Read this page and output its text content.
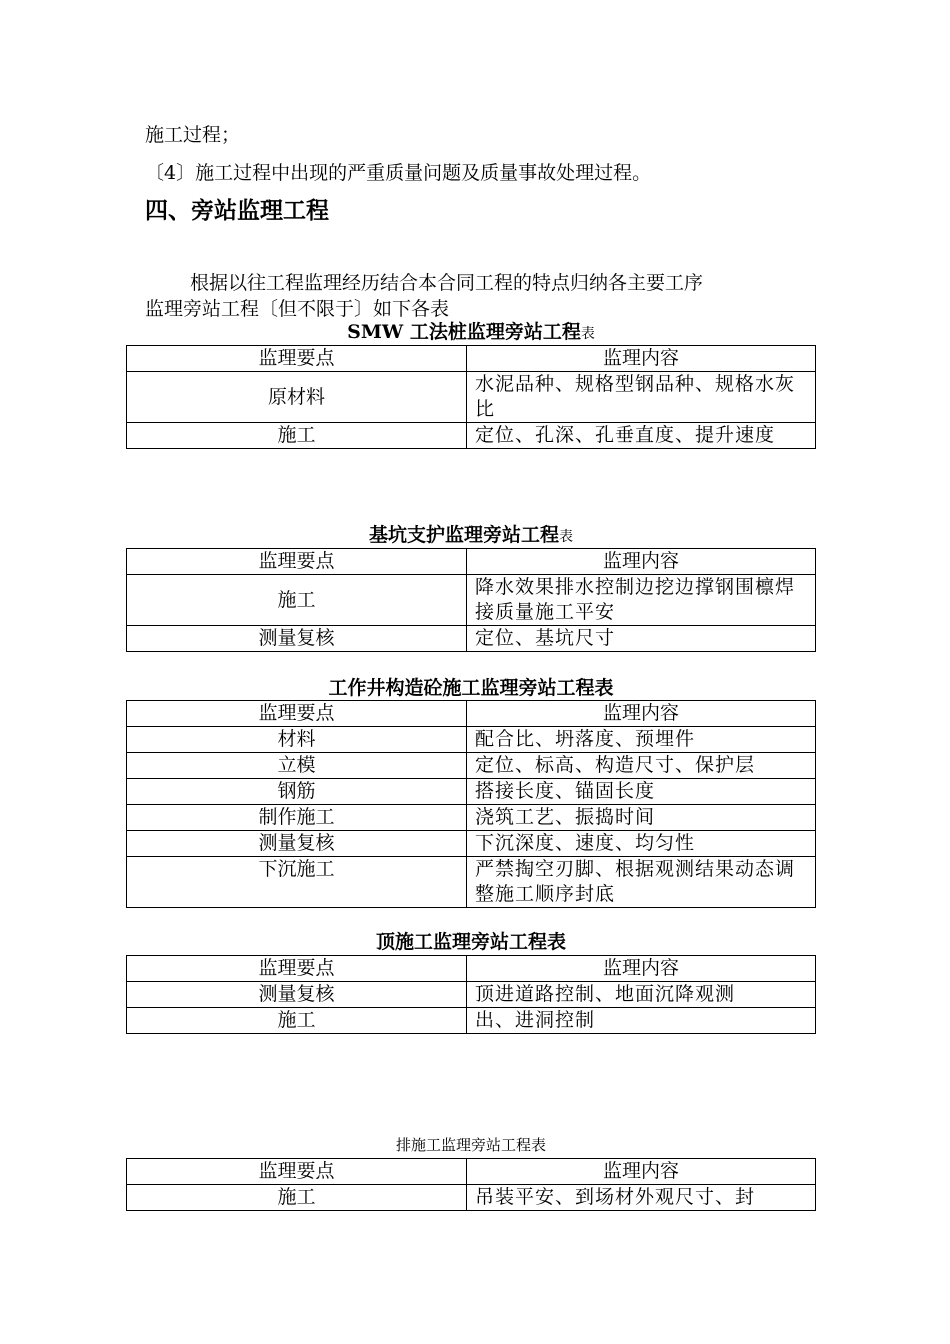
施工过程；
〔4〕施工过程中出现的严重质量问题及质量事故处理过程。
四、旁站监理工程
根据以往工程监理经历结合本合同工程的特点归纳各主要工序
监理旁站工程〔但不限于〕如下各表
SMW 工法桩监理旁站工程表
监理要点	监理内容
原材料	水泥品种、规格型钢品种、规格水灰比
施工	定位、孔深、孔垂直度、提升速度
基坑支护监理旁站工程表
监理要点	监理内容
施工	降水效果排水控制边挖边撑钢围檩焊接质量施工平安
测量复核	定位、基坑尺寸
工作井构造砼施工监理旁站工程表
监理要点	监理内容
材料	配合比、坍落度、预埋件
立模	定位、标高、构造尺寸、保护层
钢筋	搭接长度、锚固长度
制作施工	浇筑工艺、振捣时间
测量复核	下沉深度、速度、均匀性
下沉施工	严禁掏空刃脚、根据观测结果动态调整施工顺序封底
顶施工监理旁站工程表
监理要点	监理内容
测量复核	顶进道路控制、地面沉降观测
施工	出、进洞控制
排施工监理旁站工程表
监理要点	监理内容
施工	吊装平安、到场材外观尺寸、封
